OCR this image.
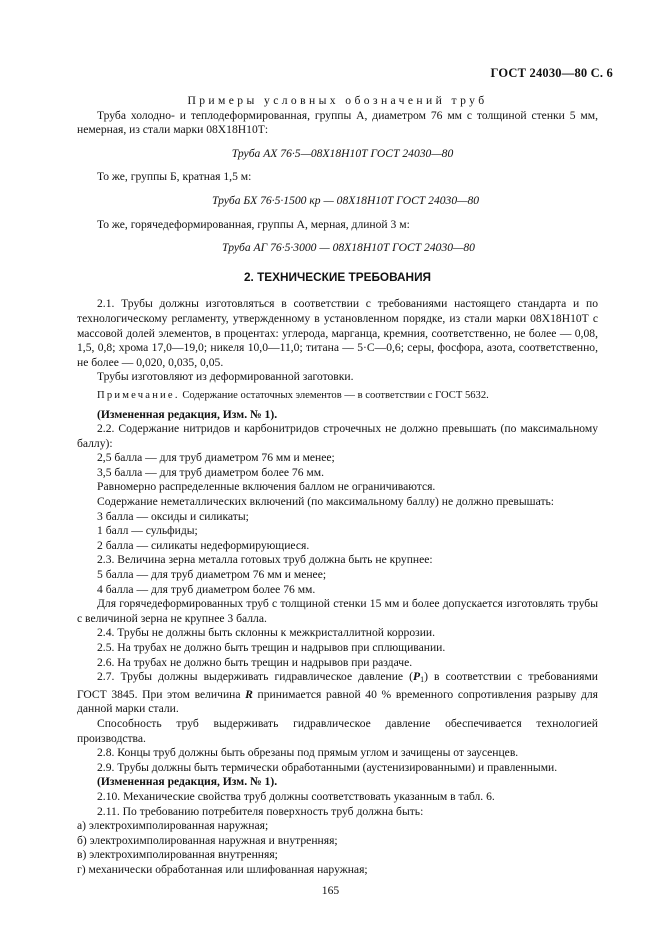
ГОСТ 24030—80 С. 6

Примеры условных обозначений труб

Труба холодно- и теплодеформированная, группы А, диаметром 76 мм с толщиной стенки 5 мм, немерная, из стали марки 08Х18Н10Т:

Труба АХ 76·5—08Х18Н10Т ГОСТ 24030—80

То же, группы Б, кратная 1,5 м:

Труба БХ 76·5·1500 кр — 08Х18Н10Т ГОСТ 24030—80

То же, горячедеформированная, группы А, мерная, длиной 3 м:

Труба АГ 76·5·3000 — 08Х18Н10Т ГОСТ 24030—80

2. ТЕХНИЧЕСКИЕ ТРЕБОВАНИЯ

2.1. Трубы должны изготовляться в соответствии с требованиями настоящего стандарта и по технологическому регламенту, утвержденному в установленном порядке, из стали марки 08Х18Н10Т с массовой долей элементов, в процентах: углерода, марганца, кремния, соответственно, не более — 0,08, 1,5, 0,8; хрома 17,0—19,0; никеля 10,0—11,0; титана — 5·С—0,6; серы, фосфора, азота, соответственно, не более — 0,020, 0,035, 0,05.

Трубы изготовляют из деформированной заготовки.

Примечание. Содержание остаточных элементов — в соответствии с ГОСТ 5632.

(Измененная редакция, Изм. № 1).

2.2. Содержание нитридов и карбонитридов строчечных не должно превышать (по максимальному баллу):

2,5 балла — для труб диаметром 76 мм и менее;

3,5 балла — для труб диаметром более 76 мм.

Равномерно распределенные включения баллом не ограничиваются.

Содержание неметаллических включений (по максимальному баллу) не должно превышать:

3 балла — оксиды и силикаты;

1 балл — сульфиды;

2 балла — силикаты недеформирующиеся.

2.3. Величина зерна металла готовых труб должна быть не крупнее:

5 балла — для труб диаметром 76 мм и менее;

4 балла — для труб диаметром более 76 мм.

Для горячедеформированных труб с толщиной стенки 15 мм и более допускается изготовлять трубы с величиной зерна не крупнее 3 балла.

2.4. Трубы не должны быть склонны к межкристаллитной коррозии.

2.5. На трубах не должно быть трещин и надрывов при сплющивании.

2.6. На трубах не должно быть трещин и надрывов при раздаче.

2.7. Трубы должны выдерживать гидравлическое давление $(P_1)$ в соответствии с требованиями ГОСТ 3845. При этом величина R принимается равной 40 % временного сопротивления разрыву для данной марки стали.

Способность труб выдерживать гидравлическое давление обеспечивается технологией производства.

2.8. Концы труб должны быть обрезаны под прямым углом и зачищены от заусенцев.

2.9. Трубы должны быть термически обработанными (аустенизированными) и правленными.

(Измененная редакция, Изм. № 1).

2.10. Механические свойства труб должны соответствовать указанным в табл. 6.

2.11. По требованию потребителя поверхность труб должна быть:

а) электрохимполированная наружная;

б) электрохимполированная наружная и внутренняя;

в) электрохимполированная внутренняя;

г) механически обработанная или шлифованная наружная;

165
